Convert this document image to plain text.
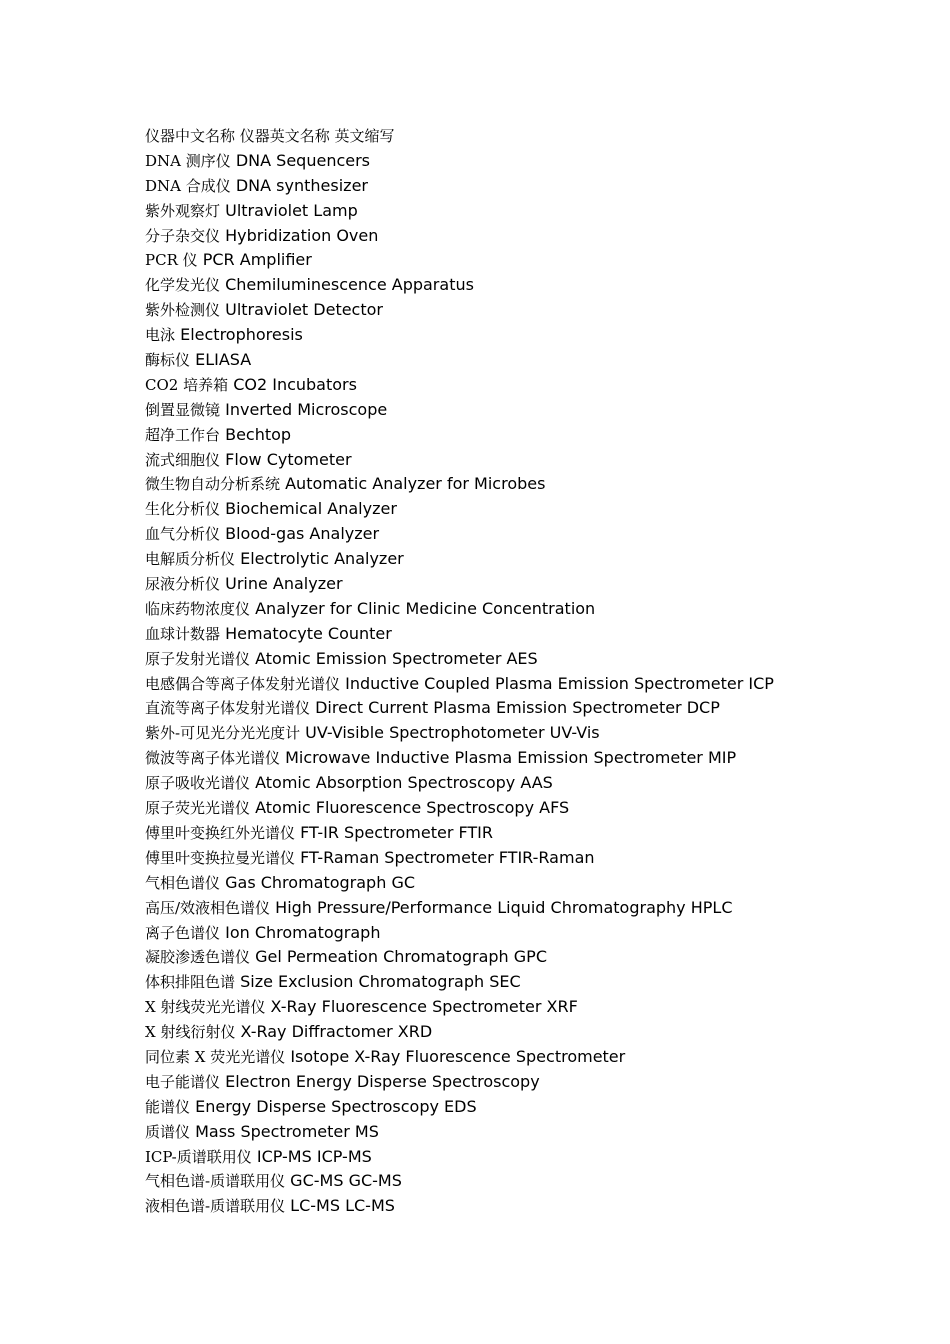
仪器中文名称 仪器英文名称 英文缩写
DNA 测序仪 DNA Sequencers
DNA 合成仪 DNA synthesizer
紫外观察灯 Ultraviolet Lamp
分子杂交仪 Hybridization Oven
PCR 仪 PCR Amplifier
化学发光仪 Chemiluminescence Apparatus
紫外检测仪 Ultraviolet Detector
电泳 Electrophoresis
酶标仪 ELIASA
CO2 培养箱 CO2 Incubators
倒置显微镜 Inverted Microscope
超净工作台 Bechtop
流式细胞仪 Flow Cytometer
微生物自动分析系统 Automatic Analyzer for Microbes
生化分析仪 Biochemical Analyzer
血气分析仪 Blood-gas Analyzer
电解质分析仪 Electrolytic Analyzer
尿液分析仪 Urine Analyzer
临床药物浓度仪 Analyzer for Clinic Medicine Concentration
血球计数器 Hematocyte Counter
原子发射光谱仪 Atomic Emission Spectrometer AES
电感偶合等离子体发射光谱仪 Inductive Coupled Plasma Emission Spectrometer ICP
直流等离子体发射光谱仪 Direct Current Plasma Emission Spectrometer DCP
紫外-可见光分光光度计 UV-Visible Spectrophotometer UV-Vis
微波等离子体光谱仪 Microwave Inductive Plasma Emission Spectrometer MIP
原子吸收光谱仪 Atomic Absorption Spectroscopy AAS
原子荧光光谱仪 Atomic Fluorescence Spectroscopy AFS
傅里叶变换红外光谱仪 FT-IR Spectrometer FTIR
傅里叶变换拉曼光谱仪 FT-Raman Spectrometer FTIR-Raman
气相色谱仪 Gas Chromatograph GC
高压/效液相色谱仪 High Pressure/Performance Liquid Chromatography HPLC
离子色谱仪 Ion Chromatograph
凝胶渗透色谱仪 Gel Permeation Chromatograph GPC
体积排阻色谱 Size Exclusion Chromatograph SEC
X 射线荧光光谱仪 X-Ray Fluorescence Spectrometer XRF
X 射线衍射仪 X-Ray Diffractomer XRD
同位素 X 荧光光谱仪 Isotope X-Ray Fluorescence Spectrometer
电子能谱仪 Electron Energy Disperse Spectroscopy
能谱仪 Energy Disperse Spectroscopy EDS
质谱仪 Mass Spectrometer MS
ICP-质谱联用仪 ICP-MS ICP-MS
气相色谱-质谱联用仪 GC-MS GC-MS
液相色谱-质谱联用仪 LC-MS LC-MS
